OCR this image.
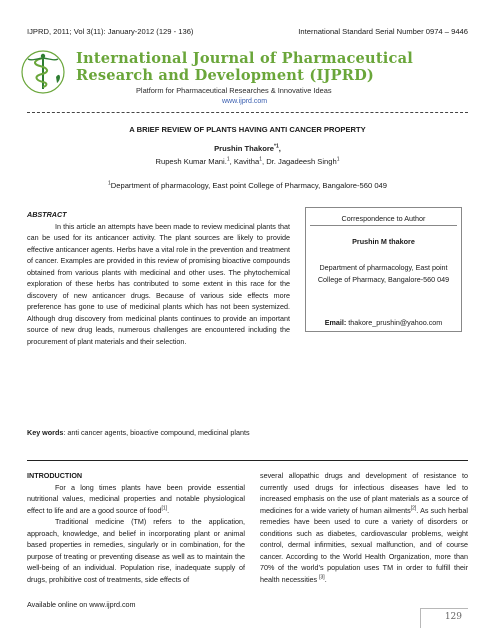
IJPRD, 2011; Vol 3(11): January-2012 (129 - 136)	International Standard Serial Number 0974 – 9446
International Journal of Pharmaceutical
Research and Development (IJPRD)
Platform for Pharmaceutical Researches & Innovative Ideas
www.ijprd.com
A BRIEF REVIEW OF PLANTS HAVING ANTI CANCER PROPERTY
Prushin Thakore$^{*1}$,
Rupesh Kumar Mani.$^1$, Kavitha$^1$, Dr. Jagadeesh Singh$^1$
$^1$Department of pharmacology, East point College of Pharmacy, Bangalore-560 049
ABSTRACT
In this article an attempts have been made to review medicinal plants that can be used for its anticancer activity. The plant sources are likely to provide effective anticancer agents. Herbs have a vital role in the prevention and treatment of cancer. Examples are provided in this review of promising bioactive compounds obtained from various plants with medicinal and other uses. The phytochemical exploration of these herbs has contributed to some extent in this race for the discovery of new anticancer drugs. Because of various side effects more preference has gone to use of medicinal plants which has not been systemized. Although drug discovery from medicinal plants continues to provide an important source of new drug leads, numerous challenges are encountered including the procurement of plant materials and their selection.
Correspondence to Author
Prushin M thakore
Department of pharmacology, East point College of Pharmacy, Bangalore-560 049
Email: thakore_prushin@yahoo.com
Key words: anti cancer agents, bioactive compound, medicinal plants
INTRODUCTION

For a long times plants have been provide essential nutritional values, medicinal properties and notable physiological effect to life and are a good source of food[1].

Traditional medicine (TM) refers to the application, approach, knowledge, and belief in incorporating plant or animal based properties in remedies, singularly or in combination, for the purpose of treating or preventing disease as well as to maintain the well-being of an individual. Population rise, inadequate supply of drugs, prohibitive cost of treatments, side effects of

several allopathic drugs and development of resistance to currently used drugs for infectious diseases have led to increased emphasis on the use of plant materials as a source of medicines for a wide variety of human ailments[2]. As such herbal remedies have been used to cure a variety of disorders or conditions such as diabetes, cardiovascular problems, weight control, dermal infirmities, sexual malfunction, and of course cancer. According to the World Health Organization, more than 70% of the world’s population uses TM in order to fulfill their health necessities [3].

Available online on www.ijprd.com
129
